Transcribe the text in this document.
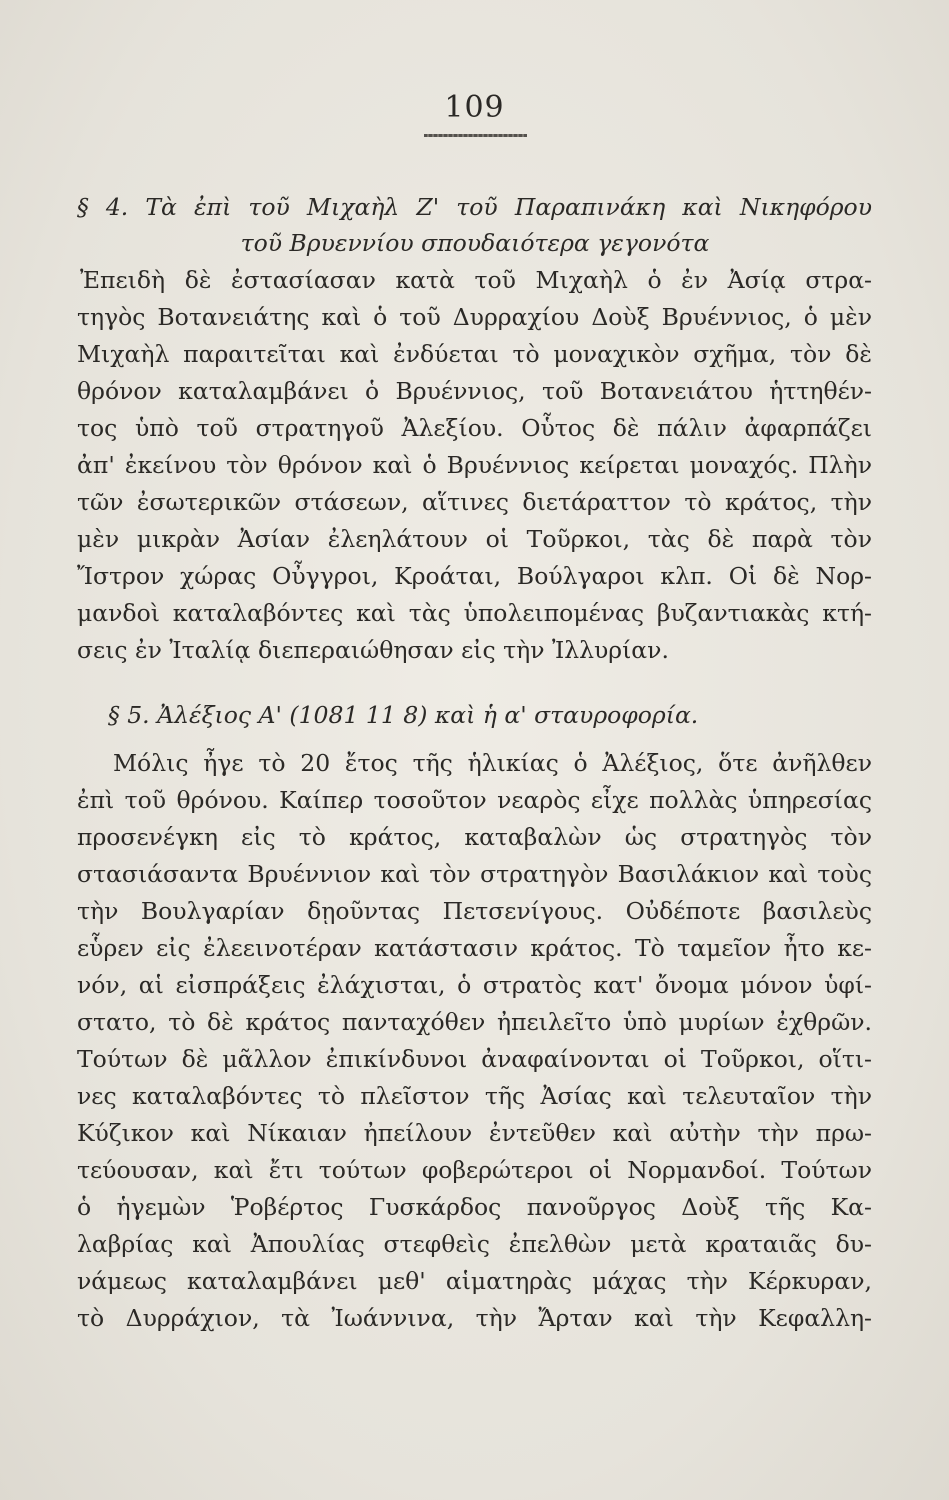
109
§ 4. Τὰ ἐπὶ τοῦ Μιχαὴλ Ζ' τοῦ Παραπινάκη καὶ Νικηφόρου
τοῦ Βρυεννίου σπουδαιότερα γεγονότα
Ἐπειδὴ δὲ ἐστασίασαν κατὰ τοῦ Μιχαὴλ ὁ ἐν Ἀσίᾳ στρα-
τηγὸς Βοτανειάτης καὶ ὁ τοῦ Δυρραχίου Δοὺξ Βρυέννιος, ὁ μὲν
Μιχαὴλ παραιτεῖται καὶ ἐνδύεται τὸ μοναχικὸν σχῆμα, τὸν δὲ
θρόνον καταλαμβάνει ὁ Βρυέννιος, τοῦ Βοτανειάτου ἡττηθέν-
τος ὑπὸ τοῦ στρατηγοῦ Ἀλεξίου. Οὗτος δὲ πάλιν ἀφαρπάζει
ἀπ' ἐκείνου τὸν θρόνον καὶ ὁ Βρυέννιος κείρεται μοναχός. Πλὴν
τῶν ἐσωτερικῶν στάσεων, αἵτινες διετάραττον τὸ κράτος, τὴν
μὲν μικρὰν Ἀσίαν ἐλεηλάτουν οἱ Τοῦρκοι, τὰς δὲ παρὰ τὸν
Ἴστρον χώρας Οὖγγροι, Κροάται, Βούλγαροι κλπ. Οἱ δὲ Νορ-
μανδοὶ καταλαβόντες καὶ τὰς ὑπολειπομένας βυζαντιακὰς κτή-
σεις ἐν Ἰταλίᾳ διεπεραιώθησαν εἰς τὴν Ἰλλυρίαν.
§ 5. Ἀλέξιος Α' (1081 11 8) καὶ ἡ α' σταυροφορία.
Μόλις ἦγε τὸ 20 ἔτος τῆς ἡλικίας ὁ Ἀλέξιος, ὅτε ἀνῆλθεν
ἐπὶ τοῦ θρόνου. Καίπερ τοσοῦτον νεαρὸς εἶχε πολλὰς ὑπηρεσίας
προσενέγκη εἰς τὸ κράτος, καταβαλὼν ὡς στρατηγὸς τὸν
στασιάσαντα Βρυέννιον καὶ τὸν στρατηγὸν Βασιλάκιον καὶ τοὺς
τὴν Βουλγαρίαν δῃοῦντας Πετσενίγους. Οὐδέποτε βασιλεὺς
εὗρεν εἰς ἐλεεινοτέραν κατάστασιν κράτος. Τὸ ταμεῖον ἦτο κε-
νόν, αἱ εἰσπράξεις ἐλάχισται, ὁ στρατὸς κατ' ὄνομα μόνον ὑφί-
στατο, τὸ δὲ κράτος πανταχόθεν ἠπειλεῖτο ὑπὸ μυρίων ἐχθρῶν.
Τούτων δὲ μᾶλλον ἐπικίνδυνοι ἀναφαίνονται οἱ Τοῦρκοι, οἵτι-
νες καταλαβόντες τὸ πλεῖστον τῆς Ἀσίας καὶ τελευταῖον τὴν
Κύζικον καὶ Νίκαιαν ἠπείλουν ἐντεῦθεν καὶ αὐτὴν τὴν πρω-
τεύουσαν, καὶ ἔτι τούτων φοβερώτεροι οἱ Νορμανδοί. Τούτων
ὁ ἡγεμὼν Ῥοβέρτος Γυσκάρδος πανοῦργος Δοὺξ τῆς Κα-
λαβρίας καὶ Ἀπουλίας στεφθεὶς ἐπελθὼν μετὰ κραταιᾶς δυ-
νάμεως καταλαμβάνει μεθ' αἱματηρὰς μάχας τὴν Κέρκυραν,
τὸ Δυρράχιον, τὰ Ἰωάννινα, τὴν Ἄρταν καὶ τὴν Κεφαλλη-
